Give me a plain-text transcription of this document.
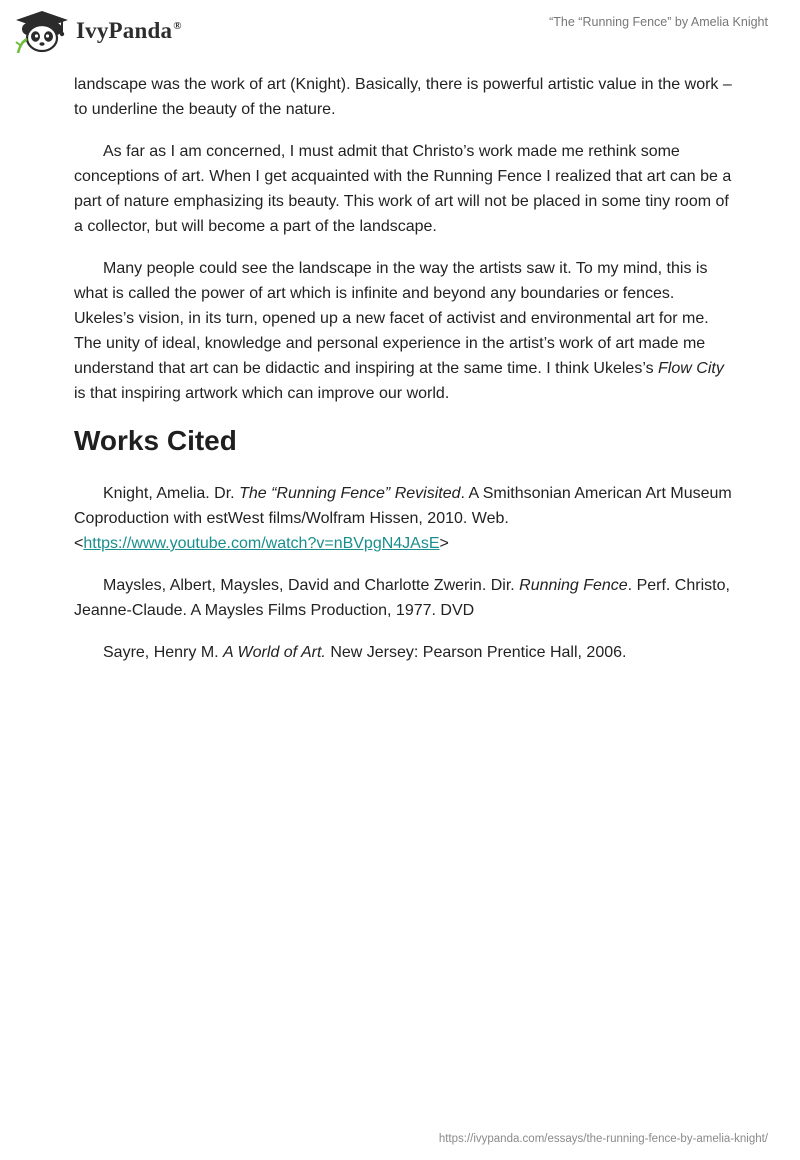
IvyPanda®	“The “Running Fence” by Amelia Knight

landscape was the work of art (Knight). Basically, there is powerful artistic value in the work – to underline the beauty of the nature.

As far as I am concerned, I must admit that Christo’s work made me rethink some conceptions of art. When I get acquainted with the Running Fence I realized that art can be a part of nature emphasizing its beauty. This work of art will not be placed in some tiny room of a collector, but will become a part of the landscape.

Many people could see the landscape in the way the artists saw it. To my mind, this is what is called the power of art which is infinite and beyond any boundaries or fences. Ukeles’s vision, in its turn, opened up a new facet of activist and environmental art for me. The unity of ideal, knowledge and personal experience in the artist’s work of art made me understand that art can be didactic and inspiring at the same time. I think Ukeles’s Flow City is that inspiring artwork which can improve our world.

Works Cited

Knight, Amelia. Dr. The “Running Fence” Revisited. A Smithsonian American Art Museum Coproduction with estWest films/Wolfram Hissen, 2010. Web. <https://www.youtube.com/watch?v=nBVpgN4JAsE>

Maysles, Albert, Maysles, David and Charlotte Zwerin. Dir. Running Fence. Perf. Christo, Jeanne-Claude. A Maysles Films Production, 1977. DVD

Sayre, Henry M. A World of Art. New Jersey: Pearson Prentice Hall, 2006.

https://ivypanda.com/essays/the-running-fence-by-amelia-knight/
